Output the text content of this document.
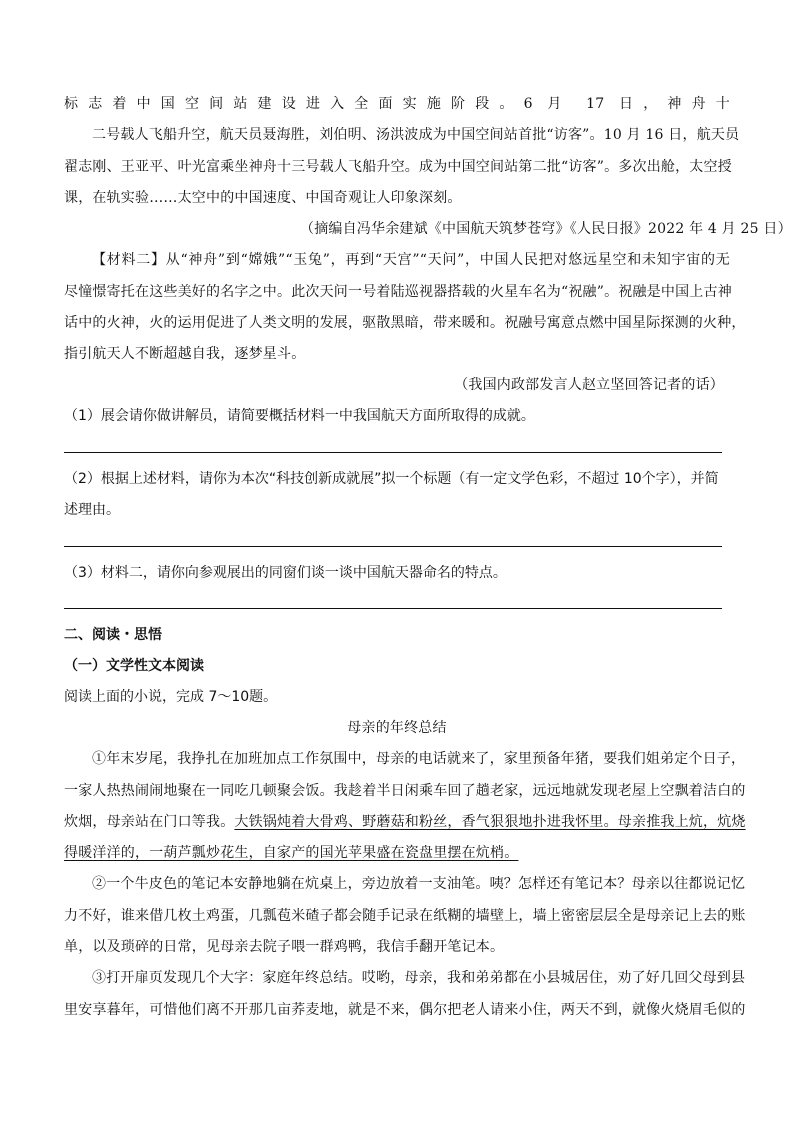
标志着中国空间站建设进入全面实施阶段。6 月 17 日，神舟十
二号载人飞船升空，航天员聂海胜，刘伯明、汤洪波成为中国空间站首批“访客”。10 月 16 日，航天员
翟志刚、王亚平、叶光富乘坐神舟十三号载人飞船升空。成为中国空间站第二批“访客”。多次出舱，太空授
课，在轨实验……太空中的中国速度、中国奇观让人印象深刻。
（摘编自冯华余建斌《中国航天筑梦苍穹》《人民日报》2022 年 4 月 25 日）
【材料二】从“神舟”到“嫦娥”“玉兔”，再到“天宫”“天问”，中国人民把对悠远星空和未知宇宙的无
尽憧憬寄托在这些美好的名字之中。此次天问一号着陆巡视器搭载的火星车名为“祝融”。祝融是中国上古神
话中的火神，火的运用促进了人类文明的发展，驱散黑暗，带来暖和。祝融号寓意点燃中国星际探测的火种，
指引航天人不断超越自我，逐梦星斗。
（我国内政部发言人赵立坚回答记者的话）
（1）展会请你做讲解员，请简要概括材料一中我国航天方面所取得的成就。
（2）根据上述材料，请你为本次“科技创新成就展”拟一个标题（有一定文学色彩，不超过 10个字），并简
述理由。
（3）材料二，请你向参观展出的同窗们谈一谈中国航天器命名的特点。
二、阅读・思悟
（一）文学性文本阅读
阅读上面的小说，完成 7～10题。
母亲的年终总结
①年末岁尾，我挣扎在加班加点工作氛围中，母亲的电话就来了，家里预备年猪，要我们姐弟定个日子，
一家人热热闹闹地聚在一同吃几顿聚会饭。我趁着半日闲乘车回了趟老家，远远地就发现老屋上空飘着洁白的
炊烟，母亲站在门口等我。大铁锅炖着大骨鸡、野蘑菇和粉丝，香气狠狠地扑进我怀里。母亲推我上炕，炕烧
得暖洋洋的，一葫芦瓢炒花生，自家产的国光苹果盛在瓷盘里摆在炕梢。
②一个牛皮色的笔记本安静地躺在炕桌上，旁边放着一支油笔。咦？怎样还有笔记本？母亲以往都说记忆
力不好，谁来借几枚土鸡蛋，几瓢苞米碴子都会随手记录在纸糊的墙壁上，墙上密密层层全是母亲记上去的账
单，以及琐碎的日常，见母亲去院子喂一群鸡鸭，我信手翻开笔记本。
③打开扉页发现几个大字：家庭年终总结。哎哟，母亲，我和弟弟都在小县城居住，劝了好几回父母到县
里安享暮年，可惜他们离不开那几亩荞麦地，就是不来，偶尔把老人请来小住，两天不到，就像火烧眉毛似的
